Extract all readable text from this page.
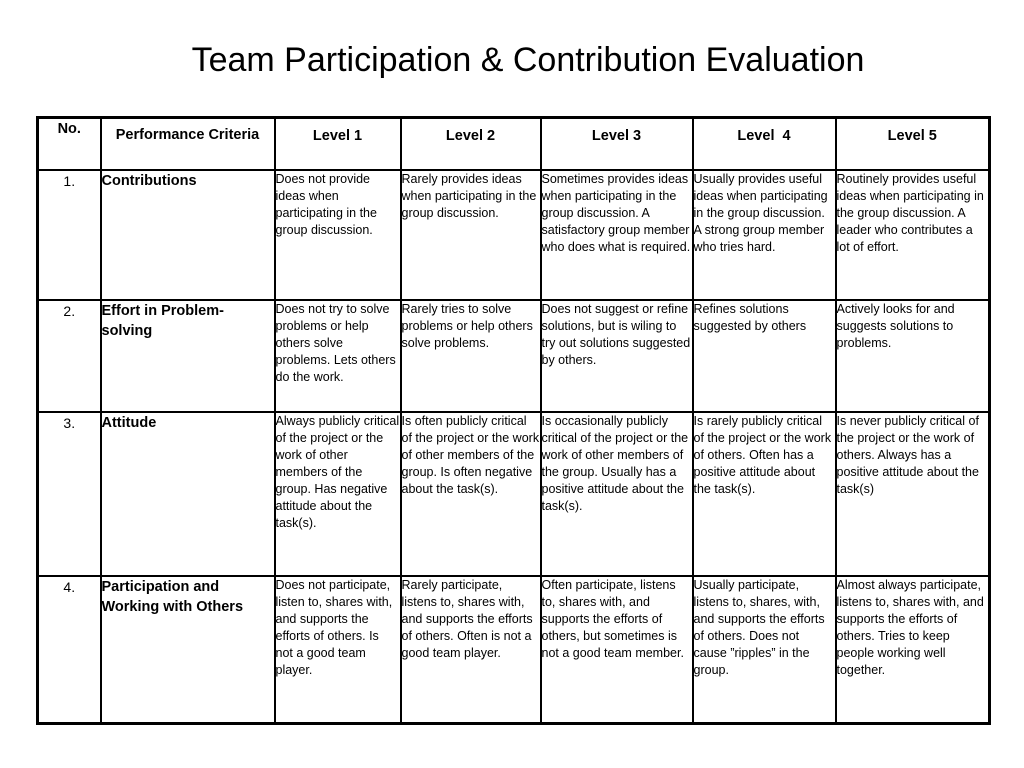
Team Participation & Contribution Evaluation
No.	Performance Criteria	Level 1	Level 2	Level 3	Level  4	Level 5

1.	Contributions	Does not provide ideas when participating in the group discussion.	Rarely provides ideas when participating in the group discussion.	Sometimes provides ideas when participating in the group discussion. A satisfactory group member who does what is required.	Usually provides useful ideas when participating in the group discussion. A strong group member who tries hard.	Routinely provides useful ideas when participating in the group discussion. A leader who contributes a lot of effort.
2.	Effort in Problem-solving	Does not try to solve problems or help others solve problems. Lets others do the work.	Rarely tries to solve problems or help others solve problems.	Does not suggest or refine solutions, but is wiling to try out solutions suggested by others.	Refines solutions suggested by others	Actively looks for and suggests solutions to problems.
3.	Attitude	Always publicly critical of the project or the work of other members of the group. Has negative attitude about the task(s).	Is often publicly critical of the project or the work of other members of the group. Is often negative about the task(s).	Is occasionally publicly critical of the project or the work of other members of the group. Usually has a positive attitude about the task(s).	Is rarely publicly critical of the project or the work of others. Often has a positive attitude about the task(s).	Is never publicly critical of the project or the work of others. Always has a positive attitude about the task(s)
4.	Participation and Working with Others	Does not participate, listen to, shares with, and supports the efforts of others. Is not a good team player.	Rarely participate, listens to, shares with, and supports the efforts of others. Often is not a good team player.	Often participate, listens to, shares with, and supports the efforts of others, but sometimes is not a good team member.	Usually participate, listens to, shares, with, and supports the efforts of others. Does not cause ”ripples” in the group.	Almost always participate, listens to, shares with, and supports the efforts of others. Tries to keep people working well together.
